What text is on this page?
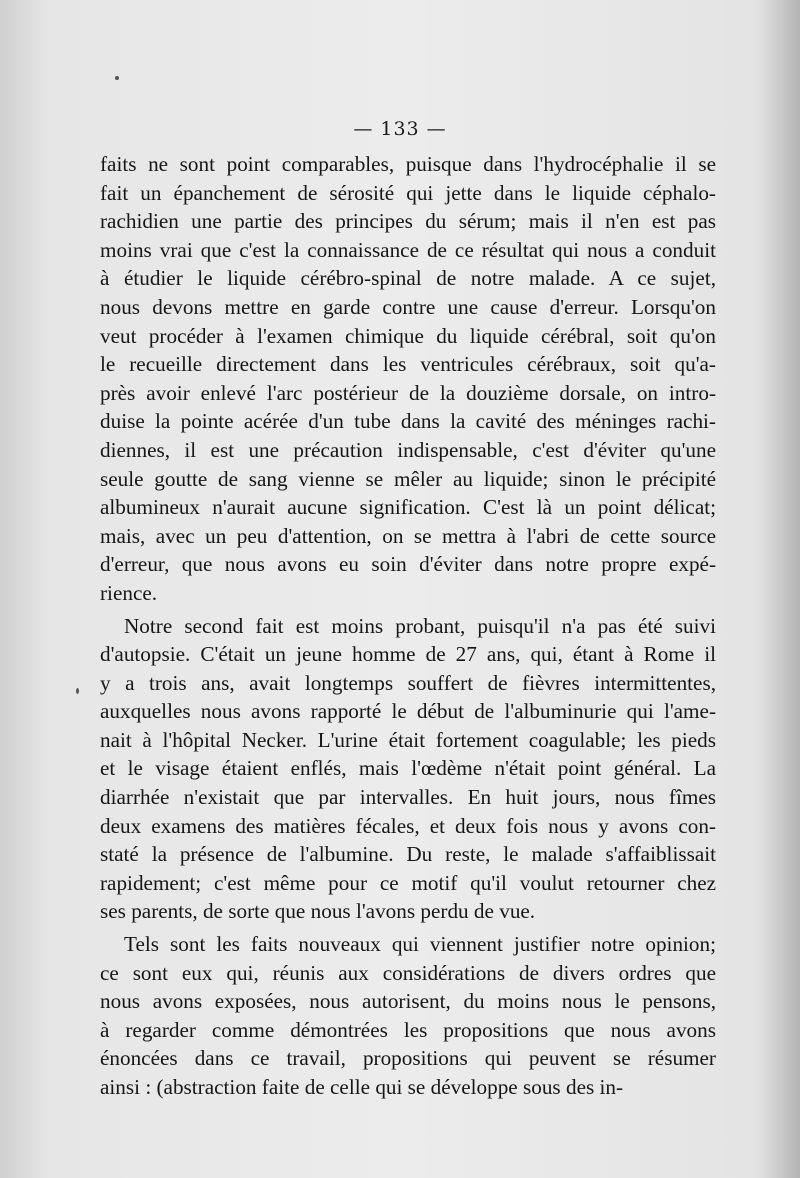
— 133 —
faits ne sont point comparables, puisque dans l'hydrocéphalie il se
fait un épanchement de sérosité qui jette dans le liquide céphalo-
rachidien une partie des principes du sérum; mais il n'en est pas
moins vrai que c'est la connaissance de ce résultat qui nous a conduit
à étudier le liquide cérébro-spinal de notre malade. A ce sujet,
nous devons mettre en garde contre une cause d'erreur. Lorsqu'on
veut procéder à l'examen chimique du liquide cérébral, soit qu'on
le recueille directement dans les ventricules cérébraux, soit qu'a-
près avoir enlevé l'arc postérieur de la douzième dorsale, on intro-
duise la pointe acérée d'un tube dans la cavité des méninges rachi-
diennes, il est une précaution indispensable, c'est d'éviter qu'une
seule goutte de sang vienne se mêler au liquide; sinon le précipité
albumineux n'aurait aucune signification. C'est là un point délicat;
mais, avec un peu d'attention, on se mettra à l'abri de cette source
d'erreur, que nous avons eu soin d'éviter dans notre propre expé-
rience.
Notre second fait est moins probant, puisqu'il n'a pas été suivi
d'autopsie. C'était un jeune homme de 27 ans, qui, étant à Rome il
y a trois ans, avait longtemps souffert de fièvres intermittentes,
auxquelles nous avons rapporté le début de l'albuminurie qui l'ame-
nait à l'hôpital Necker. L'urine était fortement coagulable; les pieds
et le visage étaient enflés, mais l'œdème n'était point général. La
diarrhée n'existait que par intervalles. En huit jours, nous fîmes
deux examens des matières fécales, et deux fois nous y avons con-
staté la présence de l'albumine. Du reste, le malade s'affaiblissait
rapidement; c'est même pour ce motif qu'il voulut retourner chez
ses parents, de sorte que nous l'avons perdu de vue.
Tels sont les faits nouveaux qui viennent justifier notre opinion;
ce sont eux qui, réunis aux considérations de divers ordres que
nous avons exposées, nous autorisent, du moins nous le pensons,
à regarder comme démontrées les propositions que nous avons
énoncées dans ce travail, propositions qui peuvent se résumer
ainsi : (abstraction faite de celle qui se développe sous des in-
